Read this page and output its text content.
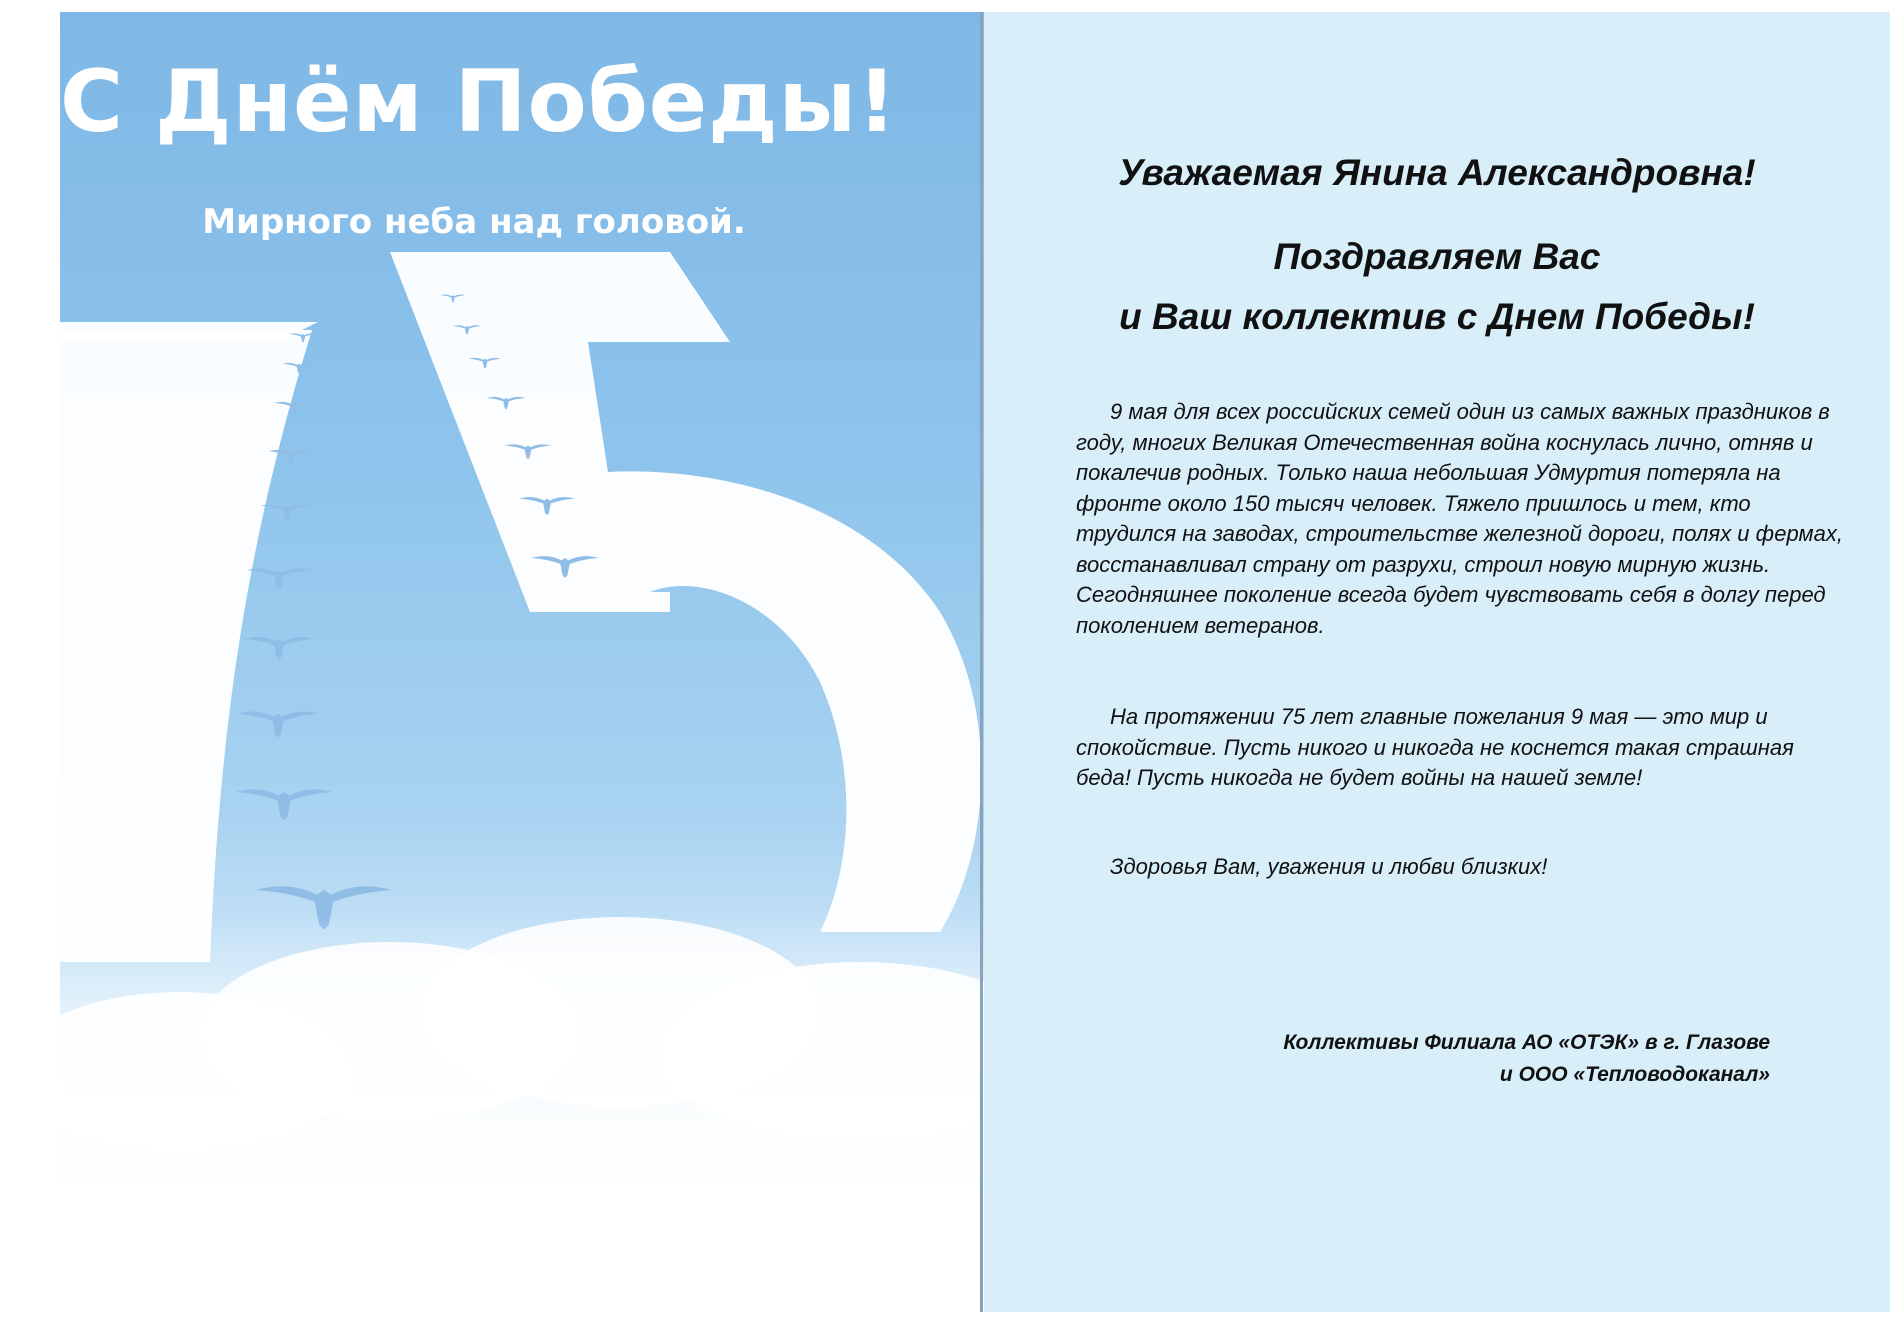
С Днём Победы!

Мирного неба над головой.

Уважаемая Янина Александровна!
Поздравляем Вас
и Ваш коллектив с Днем Победы!

9 мая для всех российских семей один из самых важных праздников в году, многих Великая Отечественная война коснулась лично, отняв и покалечив родных. Только наша небольшая Удмуртия потеряла на фронте около 150 тысяч человек. Тяжело пришлось и тем, кто трудился на заводах, строительстве железной дороги, полях и фермах, восстанавливал страну от разрухи, строил новую мирную жизнь. Сегодняшнее поколение всегда будет чувствовать себя в долгу перед поколением ветеранов.

На протяжении 75 лет главные пожелания 9 мая — это мир и спокойствие. Пусть никого и никогда не коснется такая страшная беда! Пусть никогда не будет войны на нашей земле!

Здоровья Вам, уважения и любви близких!

Коллективы Филиала АО «ОТЭК» в г. Глазове
и ООО «Тепловодоканал»
